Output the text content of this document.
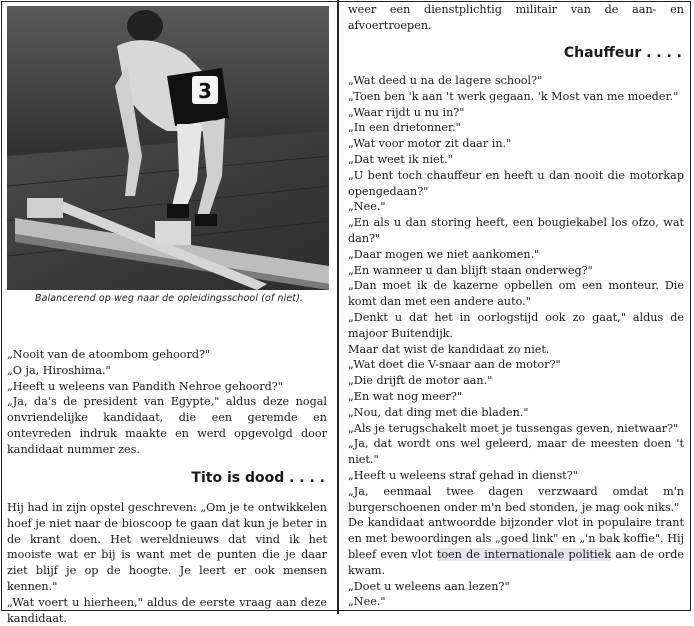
3
Balancerend op weg naar de opleidingsschool (of niet).

„Nooit van de atoombom gehoord?"

„O ja, Hiroshima."

„Heeft u weleens van Pandith Nehroe gehoord?"

„Ja, da's de president van Egypte," aldus deze nogal onvriendelijke kandidaat, die een geremde en ontevreden indruk maakte en werd opgevolgd door kandidaat nummer zes.

Tito is dood . . . .

Hij had in zijn opstel geschreven: „Om je te ontwikkelen hoef je niet naar de bioscoop te gaan dat kun je beter in de krant doen. Het wereldnieuws dat vind ik het mooiste wat er bij is want met de punten die je daar ziet blijf je op de hoogte. Je leert er ook mensen kennen."

„Wat voert u hierheen," aldus de eerste vraag aan deze kandidaat.

weer een dienstplichtig militair van de aan- en afvoertroepen.
Chauffeur . . . .

„Wat deed u na de lagere school?"

„Toen ben 'k aan 't werk gegaan. 'k Most van me moeder."

„Waar rijdt u nu in?"

„In een drietonner."

„Wat voor motor zit daar in."

„Dat weet ik niet."

„U bent toch chauffeur en heeft u dan nooit die motorkap opengedaan?"

„Nee."

„En als u dan storing heeft, een bougiekabel los ofzo, wat dan?"

„Daar mogen we niet aankomen."

„En wanneer u dan blijft staan onderweg?"

„Dan moet ik de kazerne opbellen om een monteur. Die komt dan met een andere auto."

„Denkt u dat het in oorlogstijd ook zo gaat," aldus de majoor Buitendijk.

Maar dat wist de kandidaat zo niet.

„Wat doet die V-snaar aan de motor?"

„Die drijft de motor aan."

„En wat nog meer?"

„Nou, dat ding met die bladen."

„Als je terugschakelt moet je tussengas geven, nietwaar?"

„Ja, dat wordt ons wel geleerd, maar de meesten doen 't niet."

„Heeft u weleens straf gehad in dienst?"

„Ja, eenmaal twee dagen verzwaard omdat m'n burgerschoenen onder m'n bed stonden, je mag ook niks."

De kandidaat antwoordde bijzonder vlot in populaire trant en met bewoordingen als „goed link" en „'n bak koffie". Hij bleef even vlot toen de internationale politiek aan de orde kwam.

„Doet u weleens aan lezen?"

„Nee."
